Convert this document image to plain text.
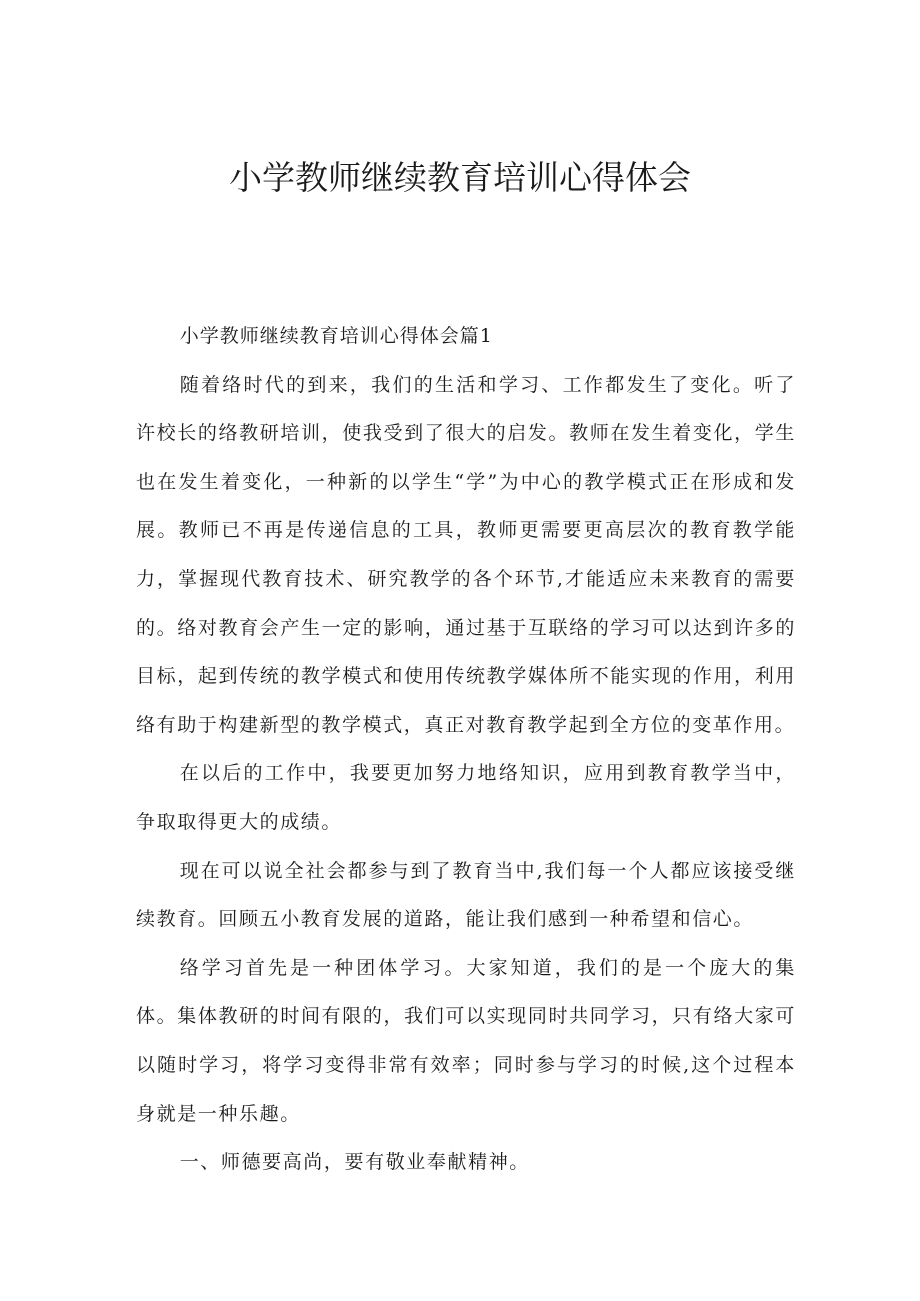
小学教师继续教育培训心得体会

小学教师继续教育培训心得体会篇1

随着络时代的到来，我们的生活和学习、工作都发生了变化。听了许校长的络教研培训，使我受到了很大的启发。教师在发生着变化，学生也在发生着变化，一种新的以学生“学”为中心的教学模式正在形成和发展。教师已不再是传递信息的工具，教师更需要更高层次的教育教学能力，掌握现代教育技术、研究教学的各个环节,才能适应未来教育的需要的。络对教育会产生一定的影响，通过基于互联络的学习可以达到许多的目标，起到传统的教学模式和使用传统教学媒体所不能实现的作用，利用络有助于构建新型的教学模式，真正对教育教学起到全方位的变革作用。

在以后的工作中，我要更加努力地络知识，应用到教育教学当中，争取取得更大的成绩。

现在可以说全社会都参与到了教育当中,我们每一个人都应该接受继续教育。回顾五小教育发展的道路，能让我们感到一种希望和信心。

络学习首先是一种团体学习。大家知道，我们的是一个庞大的集体。集体教研的时间有限的，我们可以实现同时共同学习，只有络大家可以随时学习，将学习变得非常有效率；同时参与学习的时候,这个过程本身就是一种乐趣。

一、师德要高尚，要有敬业奉献精神。
